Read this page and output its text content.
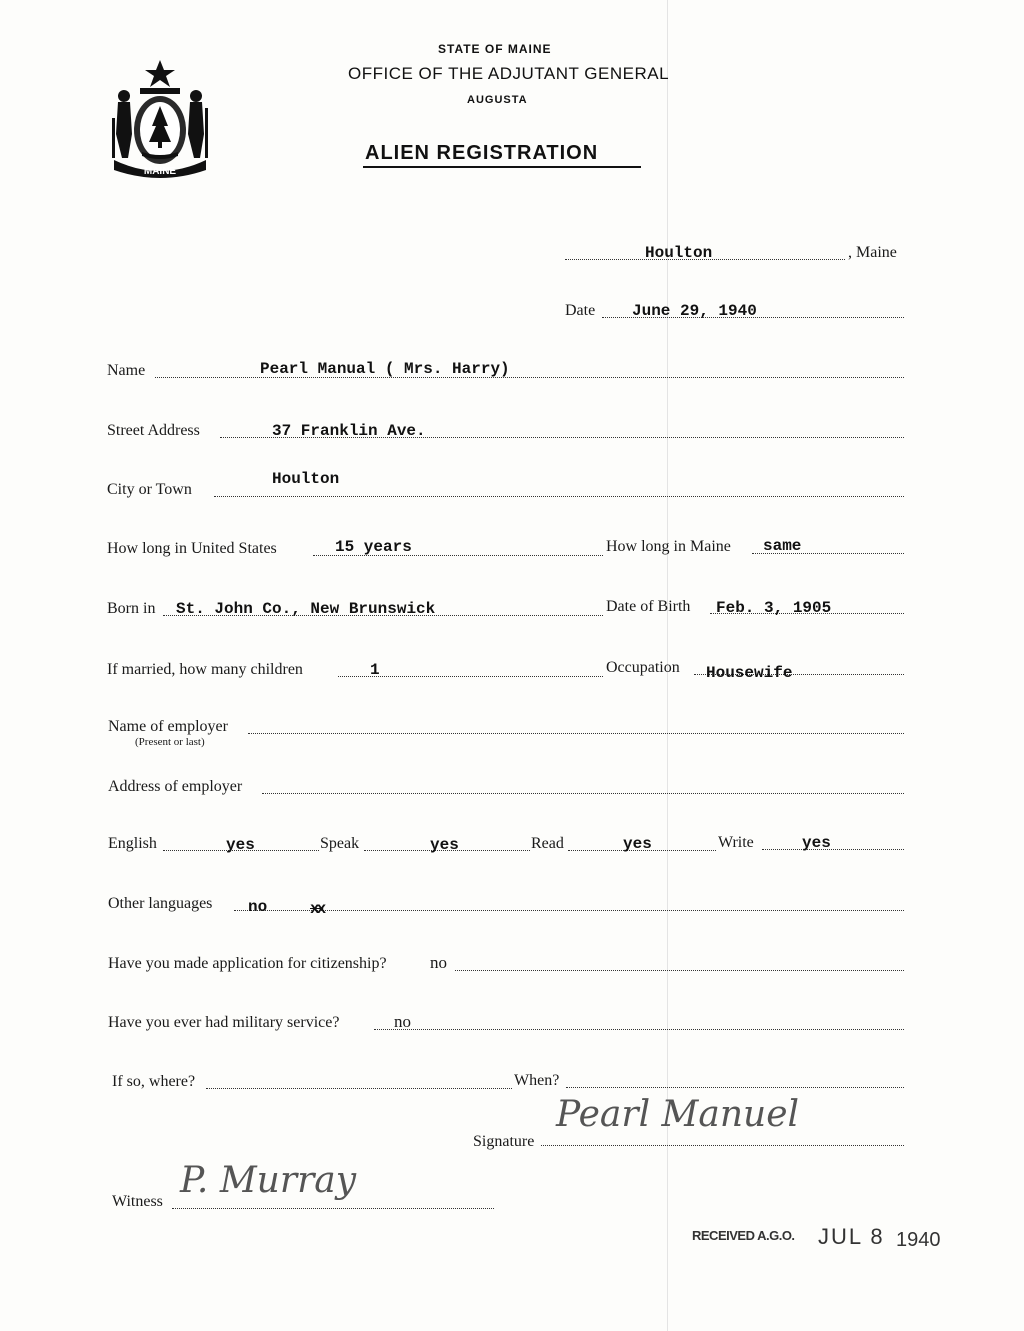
MAINE
STATE OF MAINE
OFFICE OF THE ADJUTANT GENERAL
AUGUSTA
ALIEN REGISTRATION
Houlton	, Maine
Date June 29, 1940
Name	Pearl Manual ( Mrs. Harry)
Street Address	37 Franklin Ave.
City or Town
Houlton
How long in United States	15 years	How long in Maine same
Born in St. John Co., New Brunswick	Date of Birth Feb. 3, 1905
If married, how many children	1	Occupation Housewife
Name of employer
(Present or last)
Address of employer
English	yes	Speak	yes	Read	yes	Write	yes
Other languages no	xx
Have you made application for citizenship?	no
Have you ever had military service?	no
If so, where?	When?
Signature
Pearl Manuel
Witness
P. Murray
RECEIVED A.G.O. JUL 8 1940
